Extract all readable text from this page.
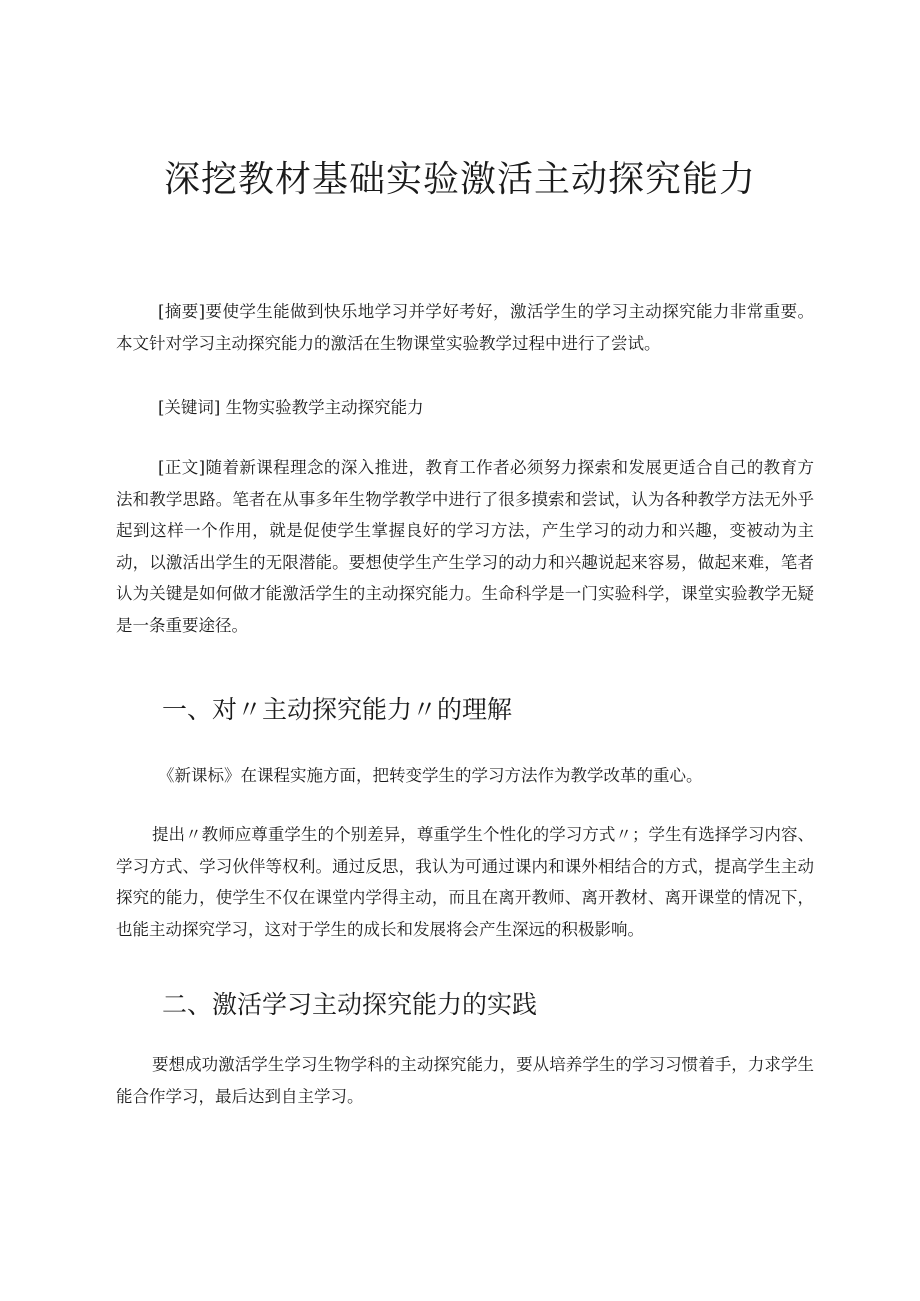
深挖教材基础实验激活主动探究能力

[摘要]要使学生能做到快乐地学习并学好考好，激活学生的学习主动探究能力非常重要。本文针对学习主动探究能力的激活在生物课堂实验教学过程中进行了尝试。

[关键词] 生物实验教学主动探究能力

[正文]随着新课程理念的深入推进，教育工作者必须努力探索和发展更适合自己的教育方法和教学思路。笔者在从事多年生物学教学中进行了很多摸索和尝试，认为各种教学方法无外乎起到这样一个作用，就是促使学生掌握良好的学习方法，产生学习的动力和兴趣，变被动为主动，以激活出学生的无限潜能。要想使学生产生学习的动力和兴趣说起来容易，做起来难，笔者认为关键是如何做才能激活学生的主动探究能力。生命科学是一门实验科学，课堂实验教学无疑是一条重要途径。

一、对〃主动探究能力〃的理解

《新课标》在课程实施方面，把转变学生的学习方法作为教学改革的重心。

提出〃教师应尊重学生的个别差异，尊重学生个性化的学习方式〃；学生有选择学习内容、学习方式、学习伙伴等权利。通过反思，我认为可通过课内和课外相结合的方式，提高学生主动探究的能力，使学生不仅在课堂内学得主动，而且在离开教师、离开教材、离开课堂的情况下，也能主动探究学习，这对于学生的成长和发展将会产生深远的积极影响。

二、激活学习主动探究能力的实践

要想成功激活学生学习生物学科的主动探究能力，要从培养学生的学习习惯着手，力求学生能合作学习，最后达到自主学习。
